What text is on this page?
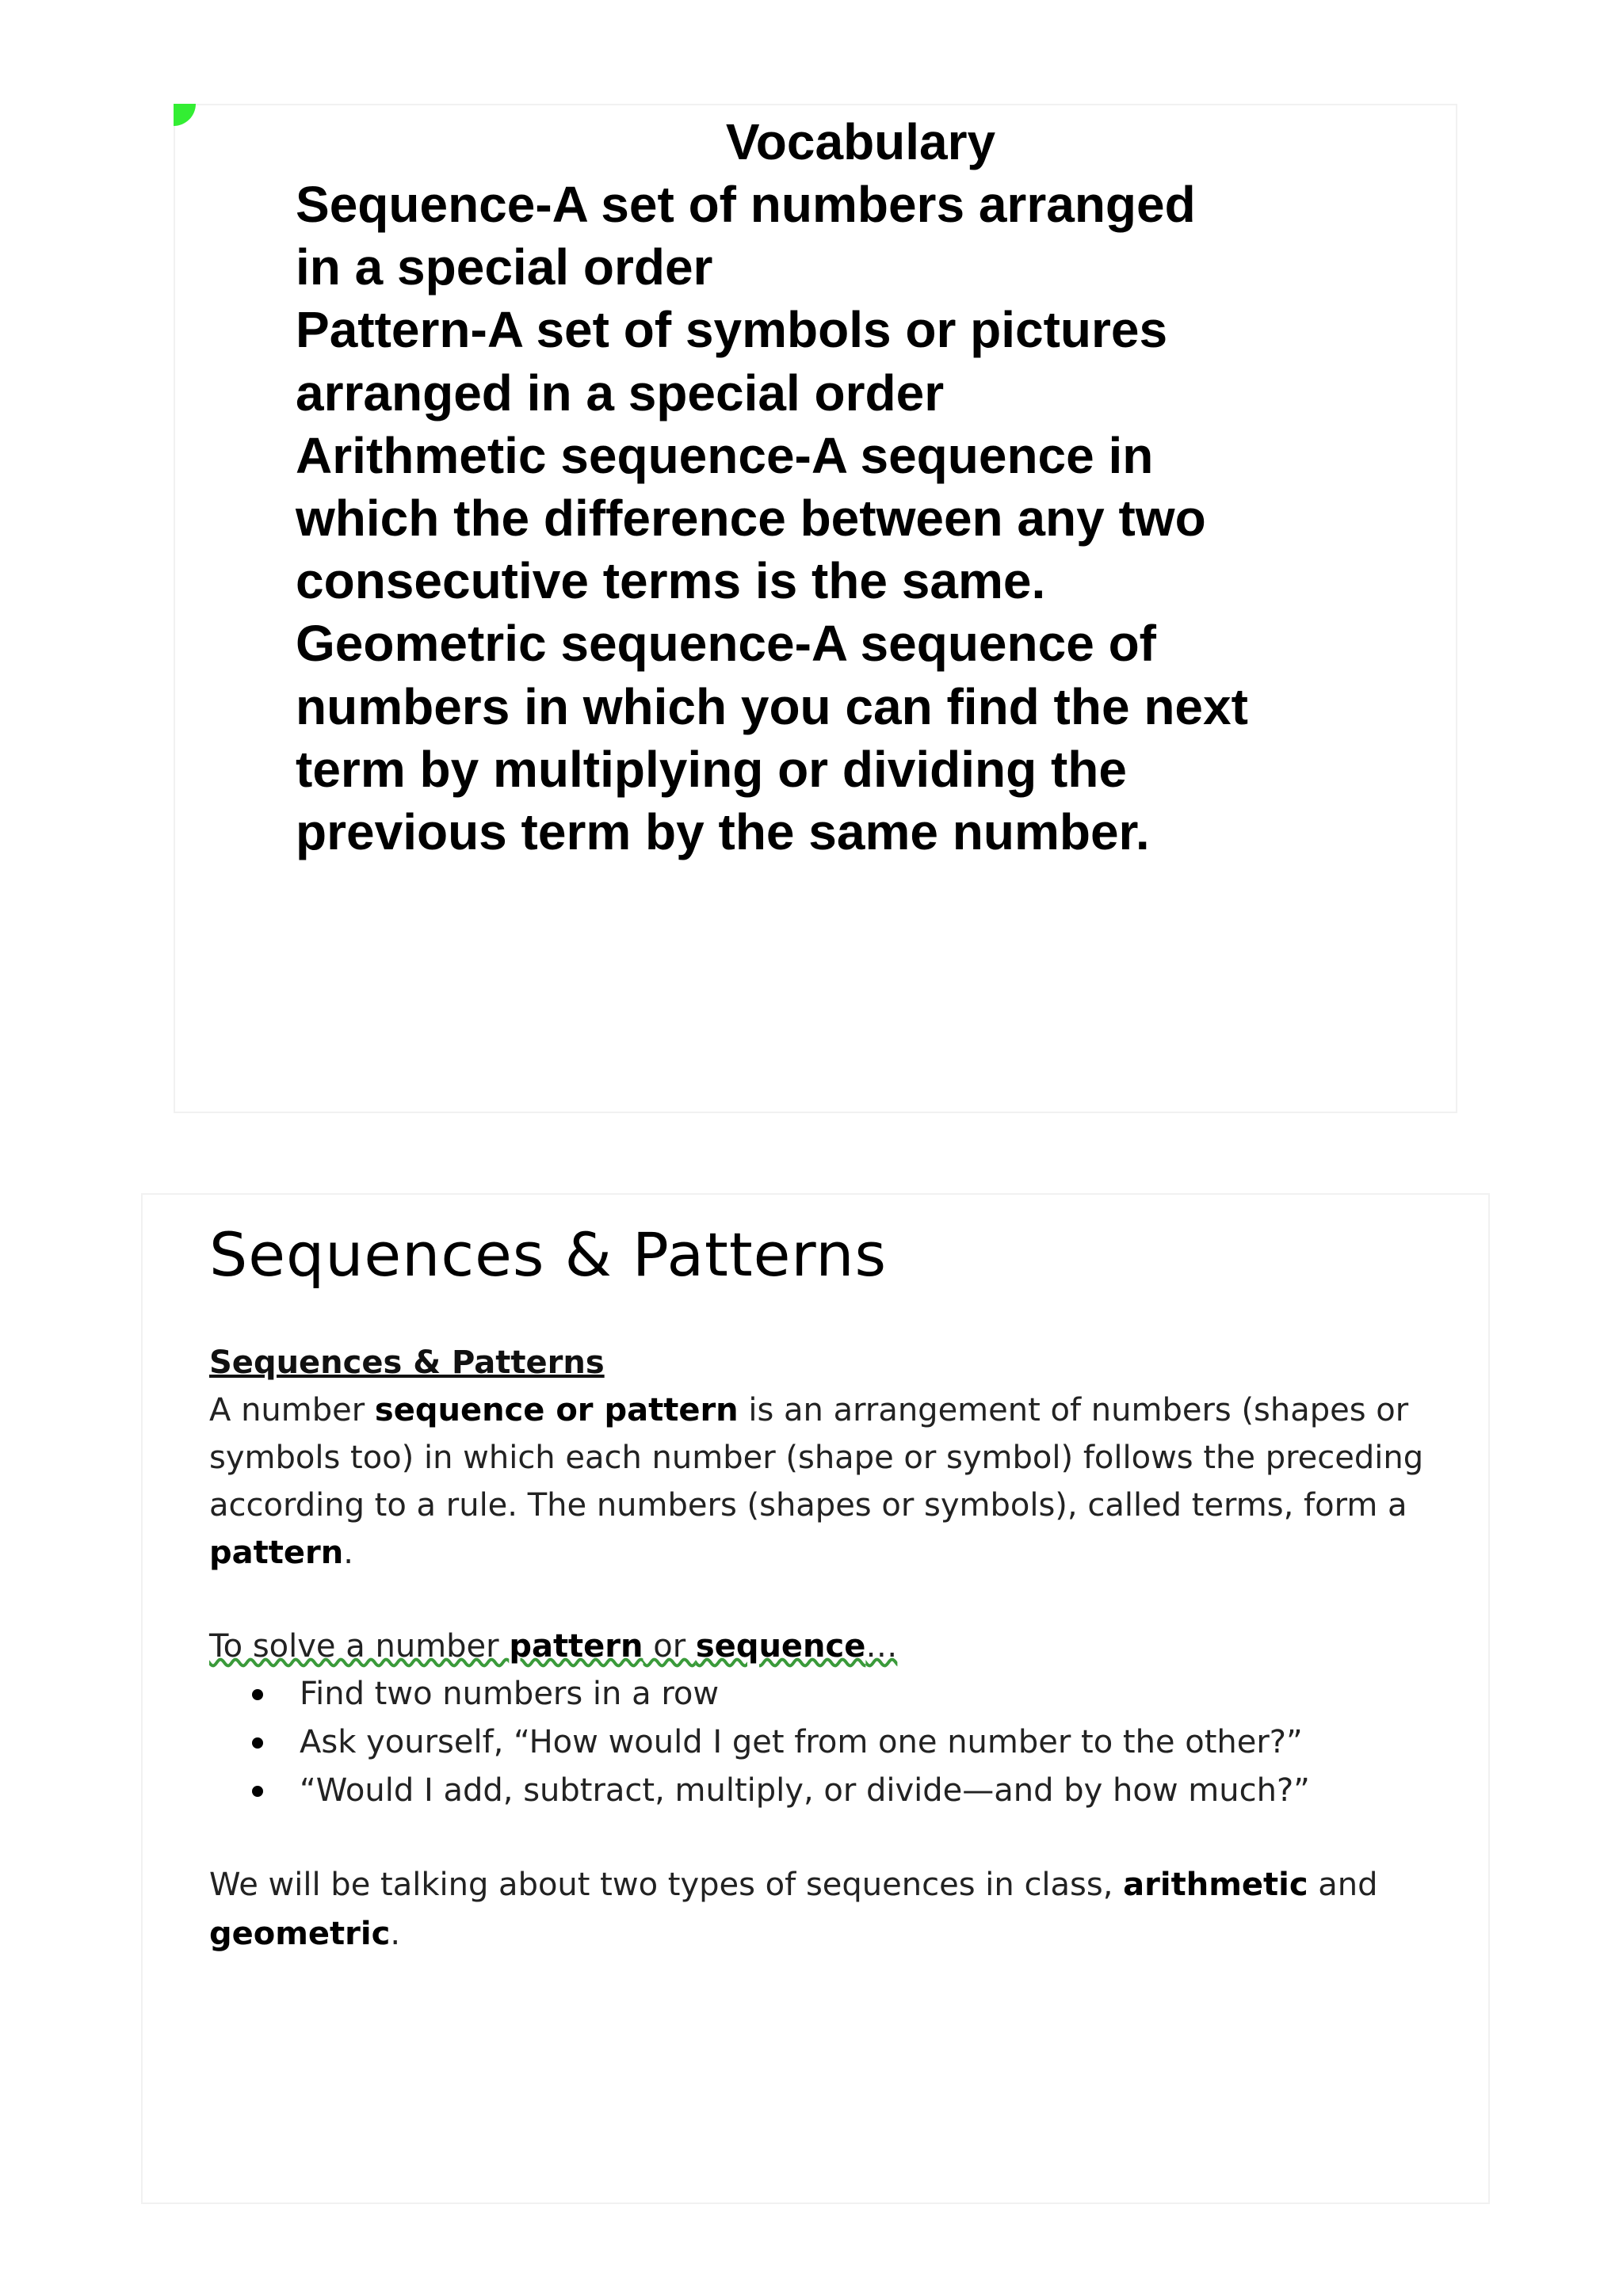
Vocabulary

Sequence-A set of numbers arranged
in a special order
Pattern-A set of symbols or pictures
arranged in a special order
Arithmetic sequence-A sequence in
which the difference between any two
consecutive terms is the same.
Geometric sequence-A sequence of
numbers in which you can find the next
term by multiplying or dividing the
previous term by the same number.

Sequences & Patterns
Sequences & Patterns

A number sequence or pattern is an arrangement of numbers (shapes or symbols too) in which each number (shape or symbol) follows the preceding according to a rule. The numbers (shapes or symbols), called terms, form a pattern.

To solve a number pattern or sequence…
Find two numbers in a row
Ask yourself, “How would I get from one number to the other?”
“Would I add, subtract, multiply, or divide—and by how much?”

We will be talking about two types of sequences in class, arithmetic and geometric.
